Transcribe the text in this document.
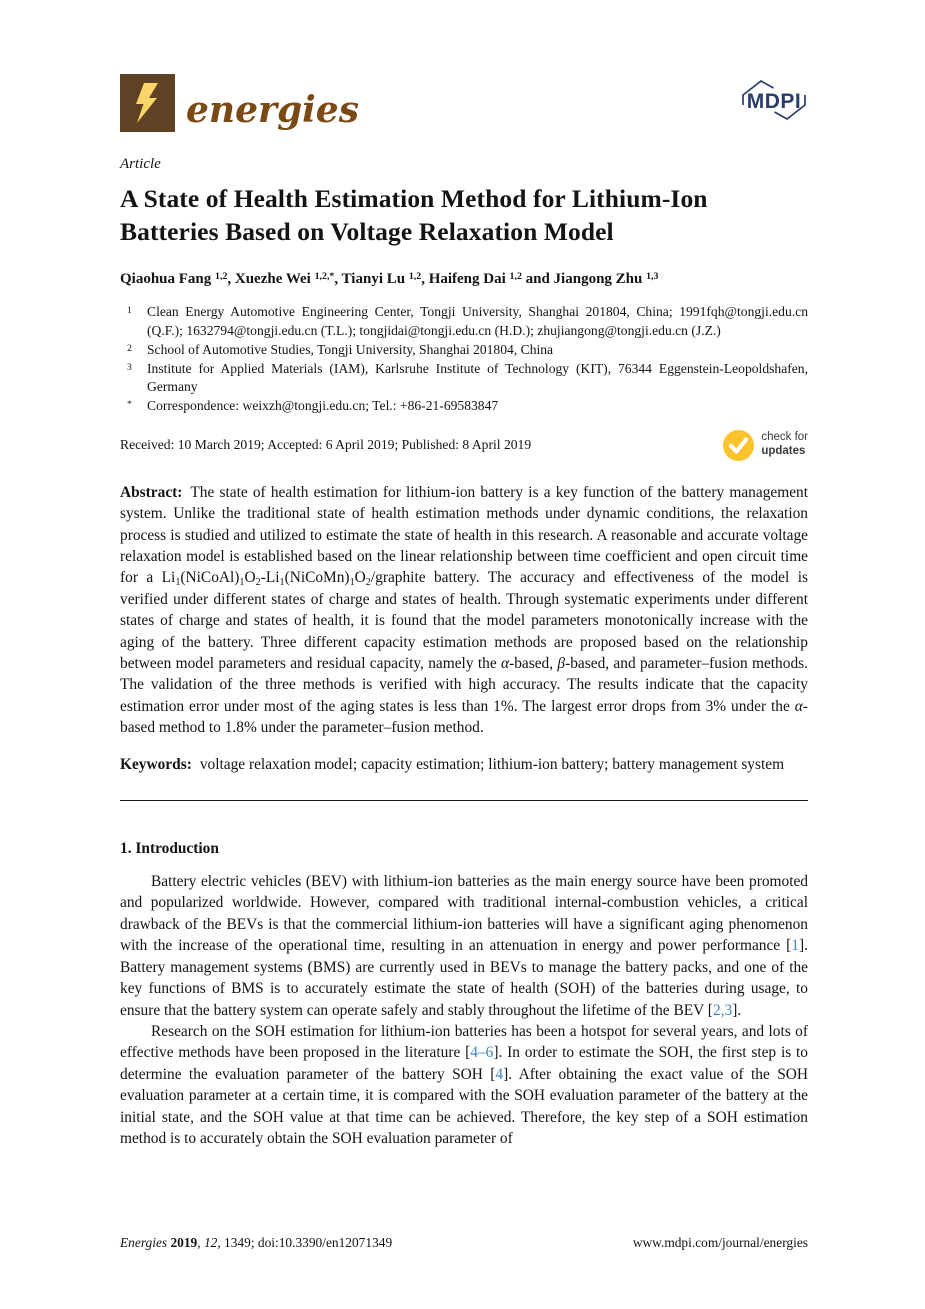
energies	MDPI
Article
A State of Health Estimation Method for Lithium-Ion Batteries Based on Voltage Relaxation Model
Qiaohua Fang $^{1,2}$, Xuezhe Wei $^{1,2,*}$, Tianyi Lu $^{1,2}$, Haifeng Dai $^{1,2}$ and Jiangong Zhu $^{1,3}$
1	Clean Energy Automotive Engineering Center, Tongji University, Shanghai 201804, China; 1991fqh@tongji.edu.cn (Q.F.); 1632794@tongji.edu.cn (T.L.); tongjidai@tongji.edu.cn (H.D.); zhujiangong@tongji.edu.cn (J.Z.)
2	School of Automotive Studies, Tongji University, Shanghai 201804, China
3	Institute for Applied Materials (IAM), Karlsruhe Institute of Technology (KIT), 76344 Eggenstein-Leopoldshafen, Germany
*	Correspondence: weixzh@tongji.edu.cn; Tel.: +86-21-69583847
Received: 10 March 2019; Accepted: 6 April 2019; Published: 8 April 2019	check for
updates

Abstract: The state of health estimation for lithium-ion battery is a key function of the battery management system. Unlike the traditional state of health estimation methods under dynamic conditions, the relaxation process is studied and utilized to estimate the state of health in this research. A reasonable and accurate voltage relaxation model is established based on the linear relationship between time coefficient and open circuit time for a Li1(NiCoAl)1O2-Li1(NiCoMn)1O2/graphite battery. The accuracy and effectiveness of the model is verified under different states of charge and states of health. Through systematic experiments under different states of charge and states of health, it is found that the model parameters monotonically increase with the aging of the battery. Three different capacity estimation methods are proposed based on the relationship between model parameters and residual capacity, namely the α-based, β-based, and parameter–fusion methods. The validation of the three methods is verified with high accuracy. The results indicate that the capacity estimation error under most of the aging states is less than 1%. The largest error drops from 3% under the α-based method to 1.8% under the parameter–fusion method.

Keywords: voltage relaxation model; capacity estimation; lithium-ion battery; battery management system

1. Introduction

Battery electric vehicles (BEV) with lithium-ion batteries as the main energy source have been promoted and popularized worldwide. However, compared with traditional internal-combustion vehicles, a critical drawback of the BEVs is that the commercial lithium-ion batteries will have a significant aging phenomenon with the increase of the operational time, resulting in an attenuation in energy and power performance [1]. Battery management systems (BMS) are currently used in BEVs to manage the battery packs, and one of the key functions of BMS is to accurately estimate the state of health (SOH) of the batteries during usage, to ensure that the battery system can operate safely and stably throughout the lifetime of the BEV [2,3].

Research on the SOH estimation for lithium-ion batteries has been a hotspot for several years, and lots of effective methods have been proposed in the literature [4–6]. In order to estimate the SOH, the first step is to determine the evaluation parameter of the battery SOH [4]. After obtaining the exact value of the SOH evaluation parameter at a certain time, it is compared with the SOH evaluation parameter of the battery at the initial state, and the SOH value at that time can be achieved. Therefore, the key step of a SOH estimation method is to accurately obtain the SOH evaluation parameter of

Energies 2019, 12, 1349; doi:10.3390/en12071349	www.mdpi.com/journal/energies
